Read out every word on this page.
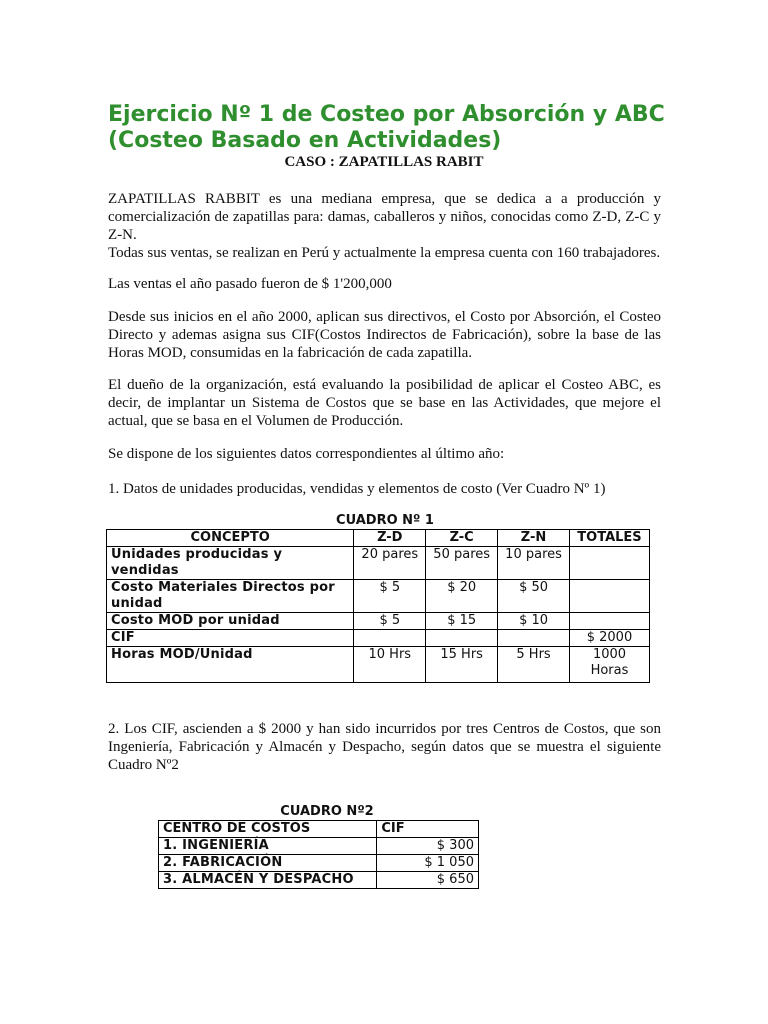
Ejercicio Nº 1 de Costeo por Absorción y ABC
(Costeo Basado en Actividades)

CASO : ZAPATILLAS RABIT

ZAPATILLAS RABBIT es una mediana empresa, que se dedica a a producción y comercialización de zapatillas para: damas, caballeros y niños, conocidas como Z-D, Z-C y Z-N.
Todas sus ventas, se realizan en Perú y actualmente la empresa cuenta con 160 trabajadores.

Las ventas el año pasado fueron de $ 1'200,000

Desde sus inicios en el año 2000, aplican sus directivos, el Costo por Absorción, el Costeo Directo y ademas asigna sus CIF(Costos Indirectos de Fabricación), sobre la base de las Horas MOD, consumidas en la fabricación de cada zapatilla.

El dueño de la organización, está evaluando la posibilidad de aplicar el Costeo ABC, es decir, de implantar un Sistema de Costos que se base en las Actividades, que mejore el actual, que se basa en el Volumen de Producción.

Se dispone de los siguientes datos correspondientes al último año:

1. Datos de unidades producidas, vendidas y elementos de costo (Ver Cuadro Nº 1)

CUADRO Nº 1
CONCEPTO	Z-D	Z-C	Z-N	TOTALES
Unidades producidas y vendidas	20 pares	50 pares	10 pares	
Costo Materiales Directos por unidad	$ 5	$ 20	$ 50	
Costo MOD por unidad	$ 5	$ 15	$ 10	
CIF				$ 2000
Horas MOD/Unidad	10 Hrs	15 Hrs	5 Hrs	1000 Horas

2. Los CIF, ascienden a $ 2000 y han sido incurridos por tres Centros de Costos, que son Ingeniería, Fabricación y Almacén y Despacho, según datos que se muestra el siguiente Cuadro Nº2

CUADRO Nº2
CENTRO DE COSTOS	CIF
1. INGENIERÍA	$ 300
2. FABRICACIÓN	$ 1 050
3. ALMACÉN Y DESPACHO	$ 650
